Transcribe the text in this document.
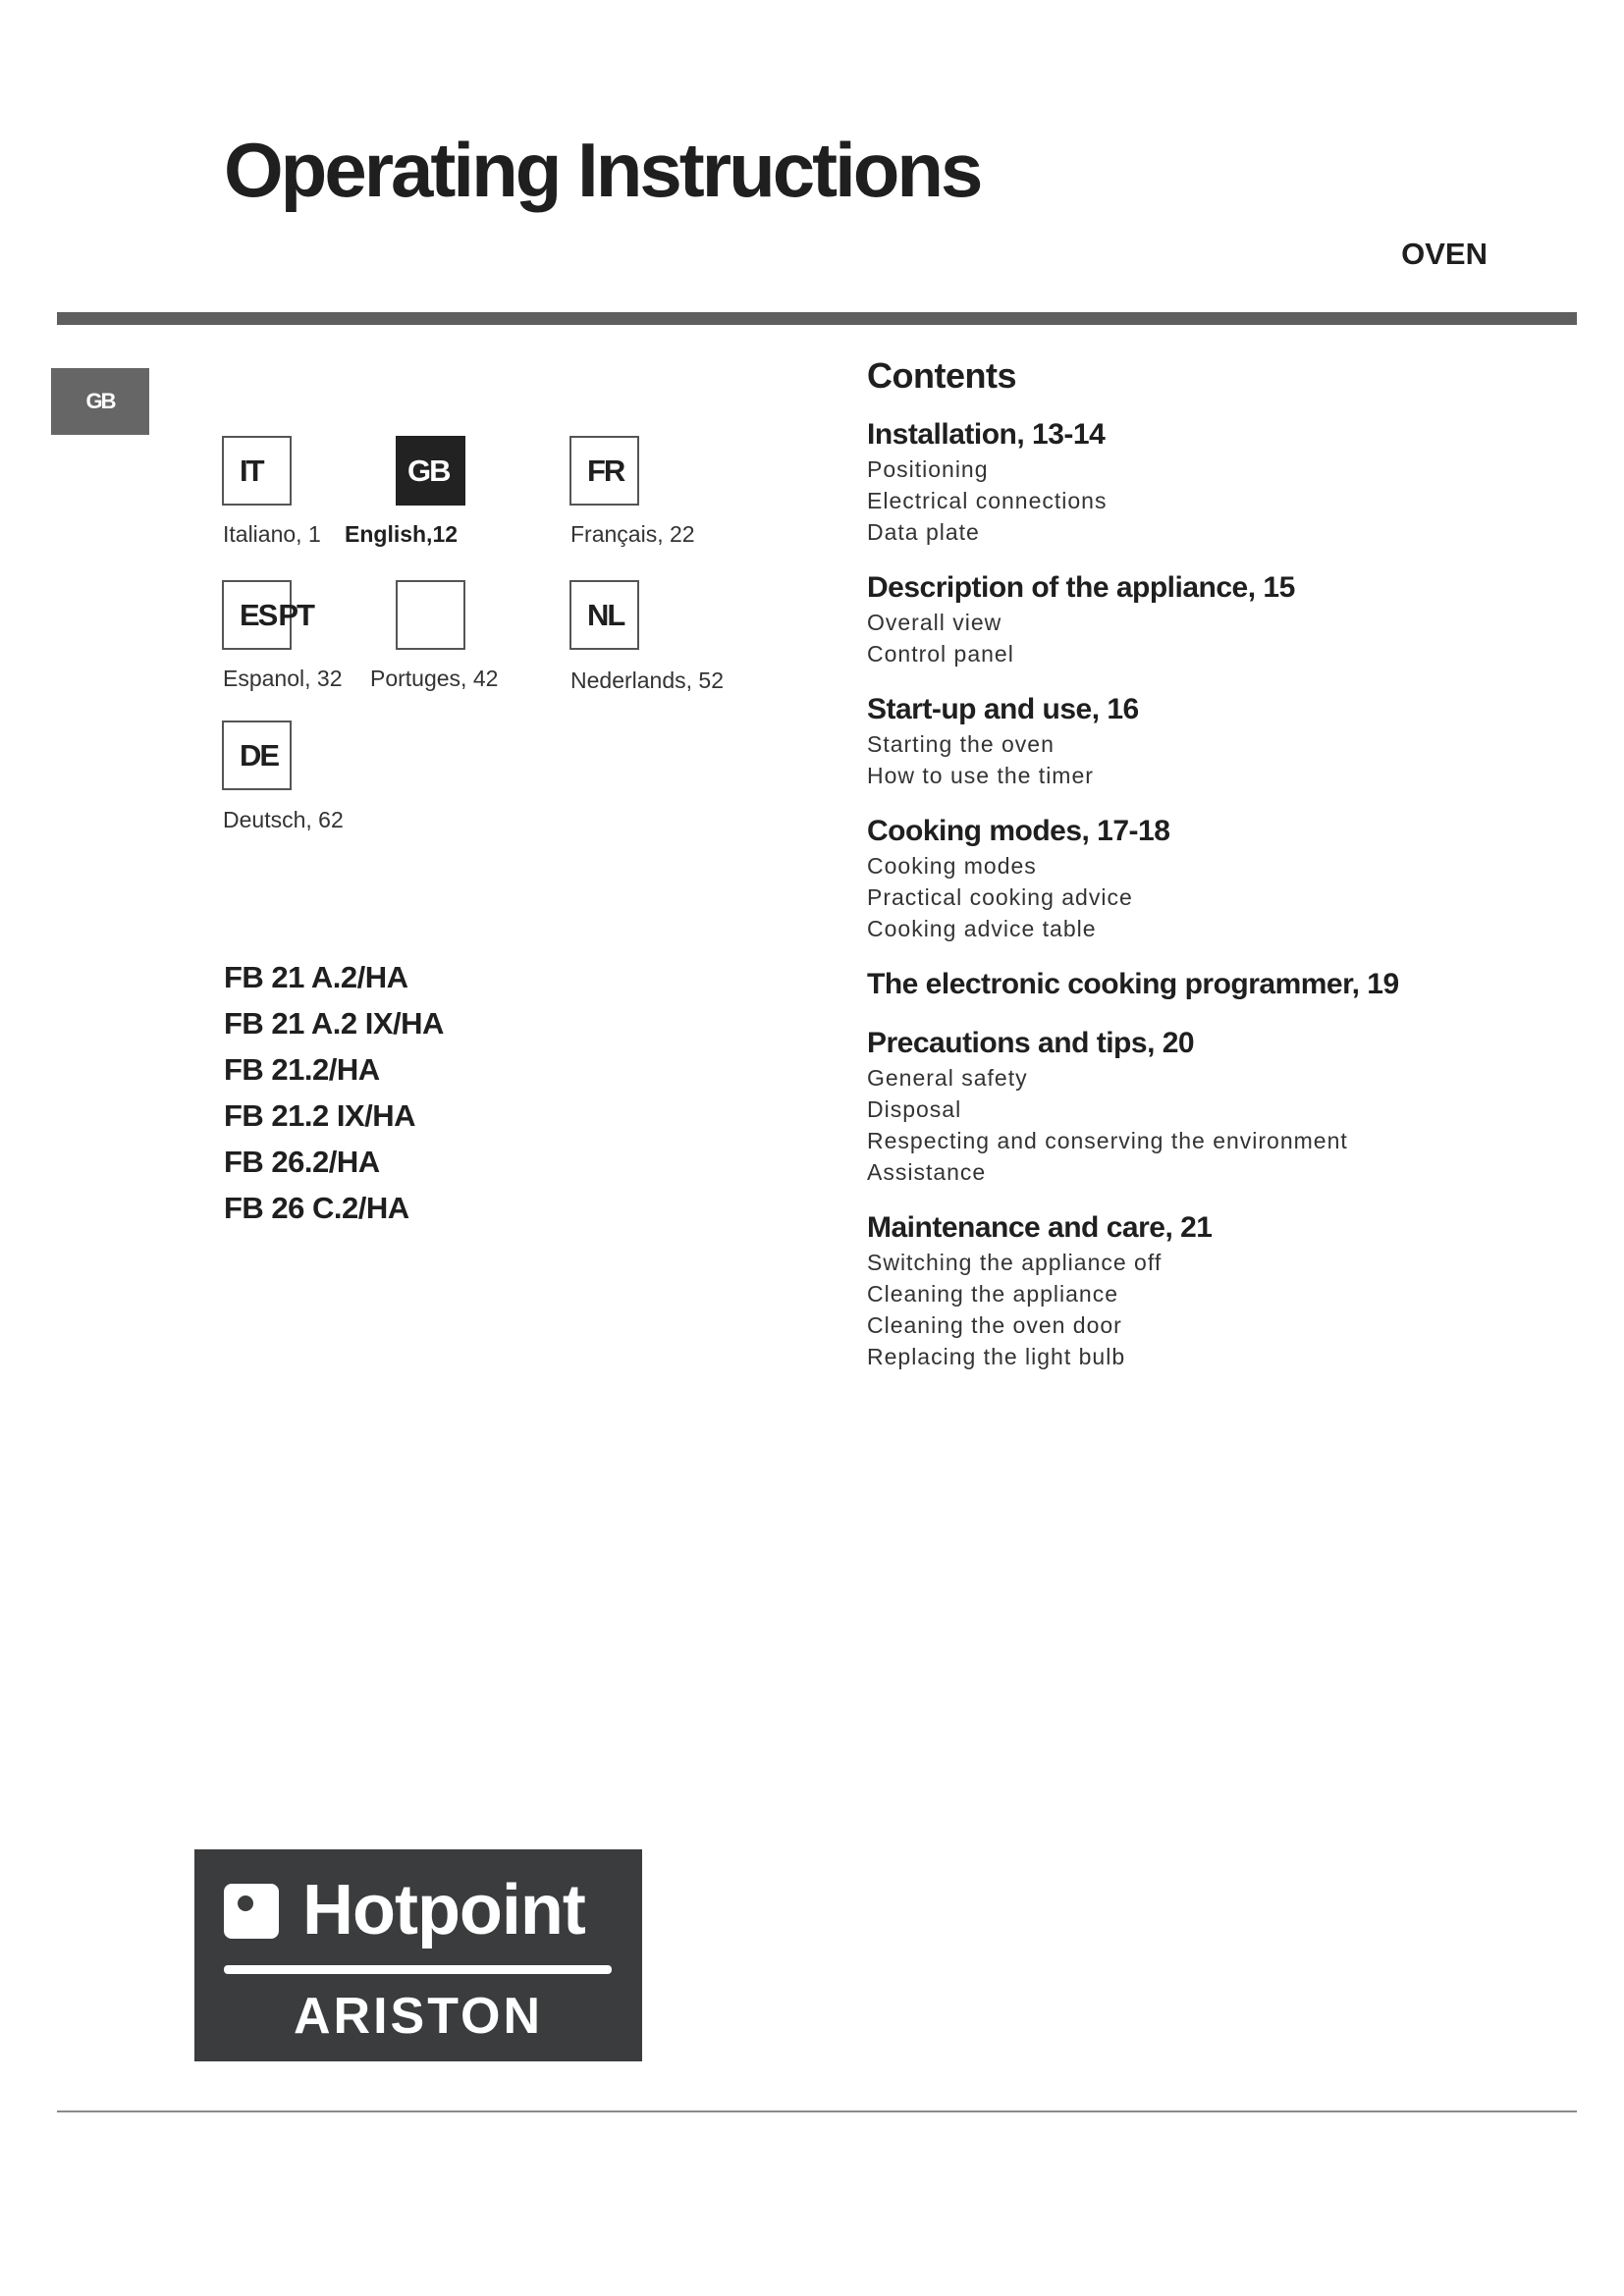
Operating Instructions
OVEN
GB
IT
Italiano, 1
GB
English,12
FR
Français, 22
ES PT
Espanol, 32 Portuges, 42
NL
Nederlands, 52
DE
Deutsch, 62
FB 21 A.2/HA
FB 21 A.2 IX/HA
FB 21.2/HA
FB 21.2 IX/HA
FB 26.2/HA
FB 26 C.2/HA
Contents
Installation, 13-14
Positioning
Electrical connections
Data plate
Description of the appliance, 15
Overall view
Control panel
Start-up and use, 16
Starting the oven
How to use the timer
Cooking modes, 17-18
Cooking modes
Practical cooking advice
Cooking advice table
The electronic cooking programmer, 19
Precautions and tips, 20
General safety
Disposal
Respecting and conserving the environment
Assistance
Maintenance and care, 21
Switching the appliance off
Cleaning the appliance
Cleaning the oven door
Replacing the light bulb
Hotpoint
ARISTON
